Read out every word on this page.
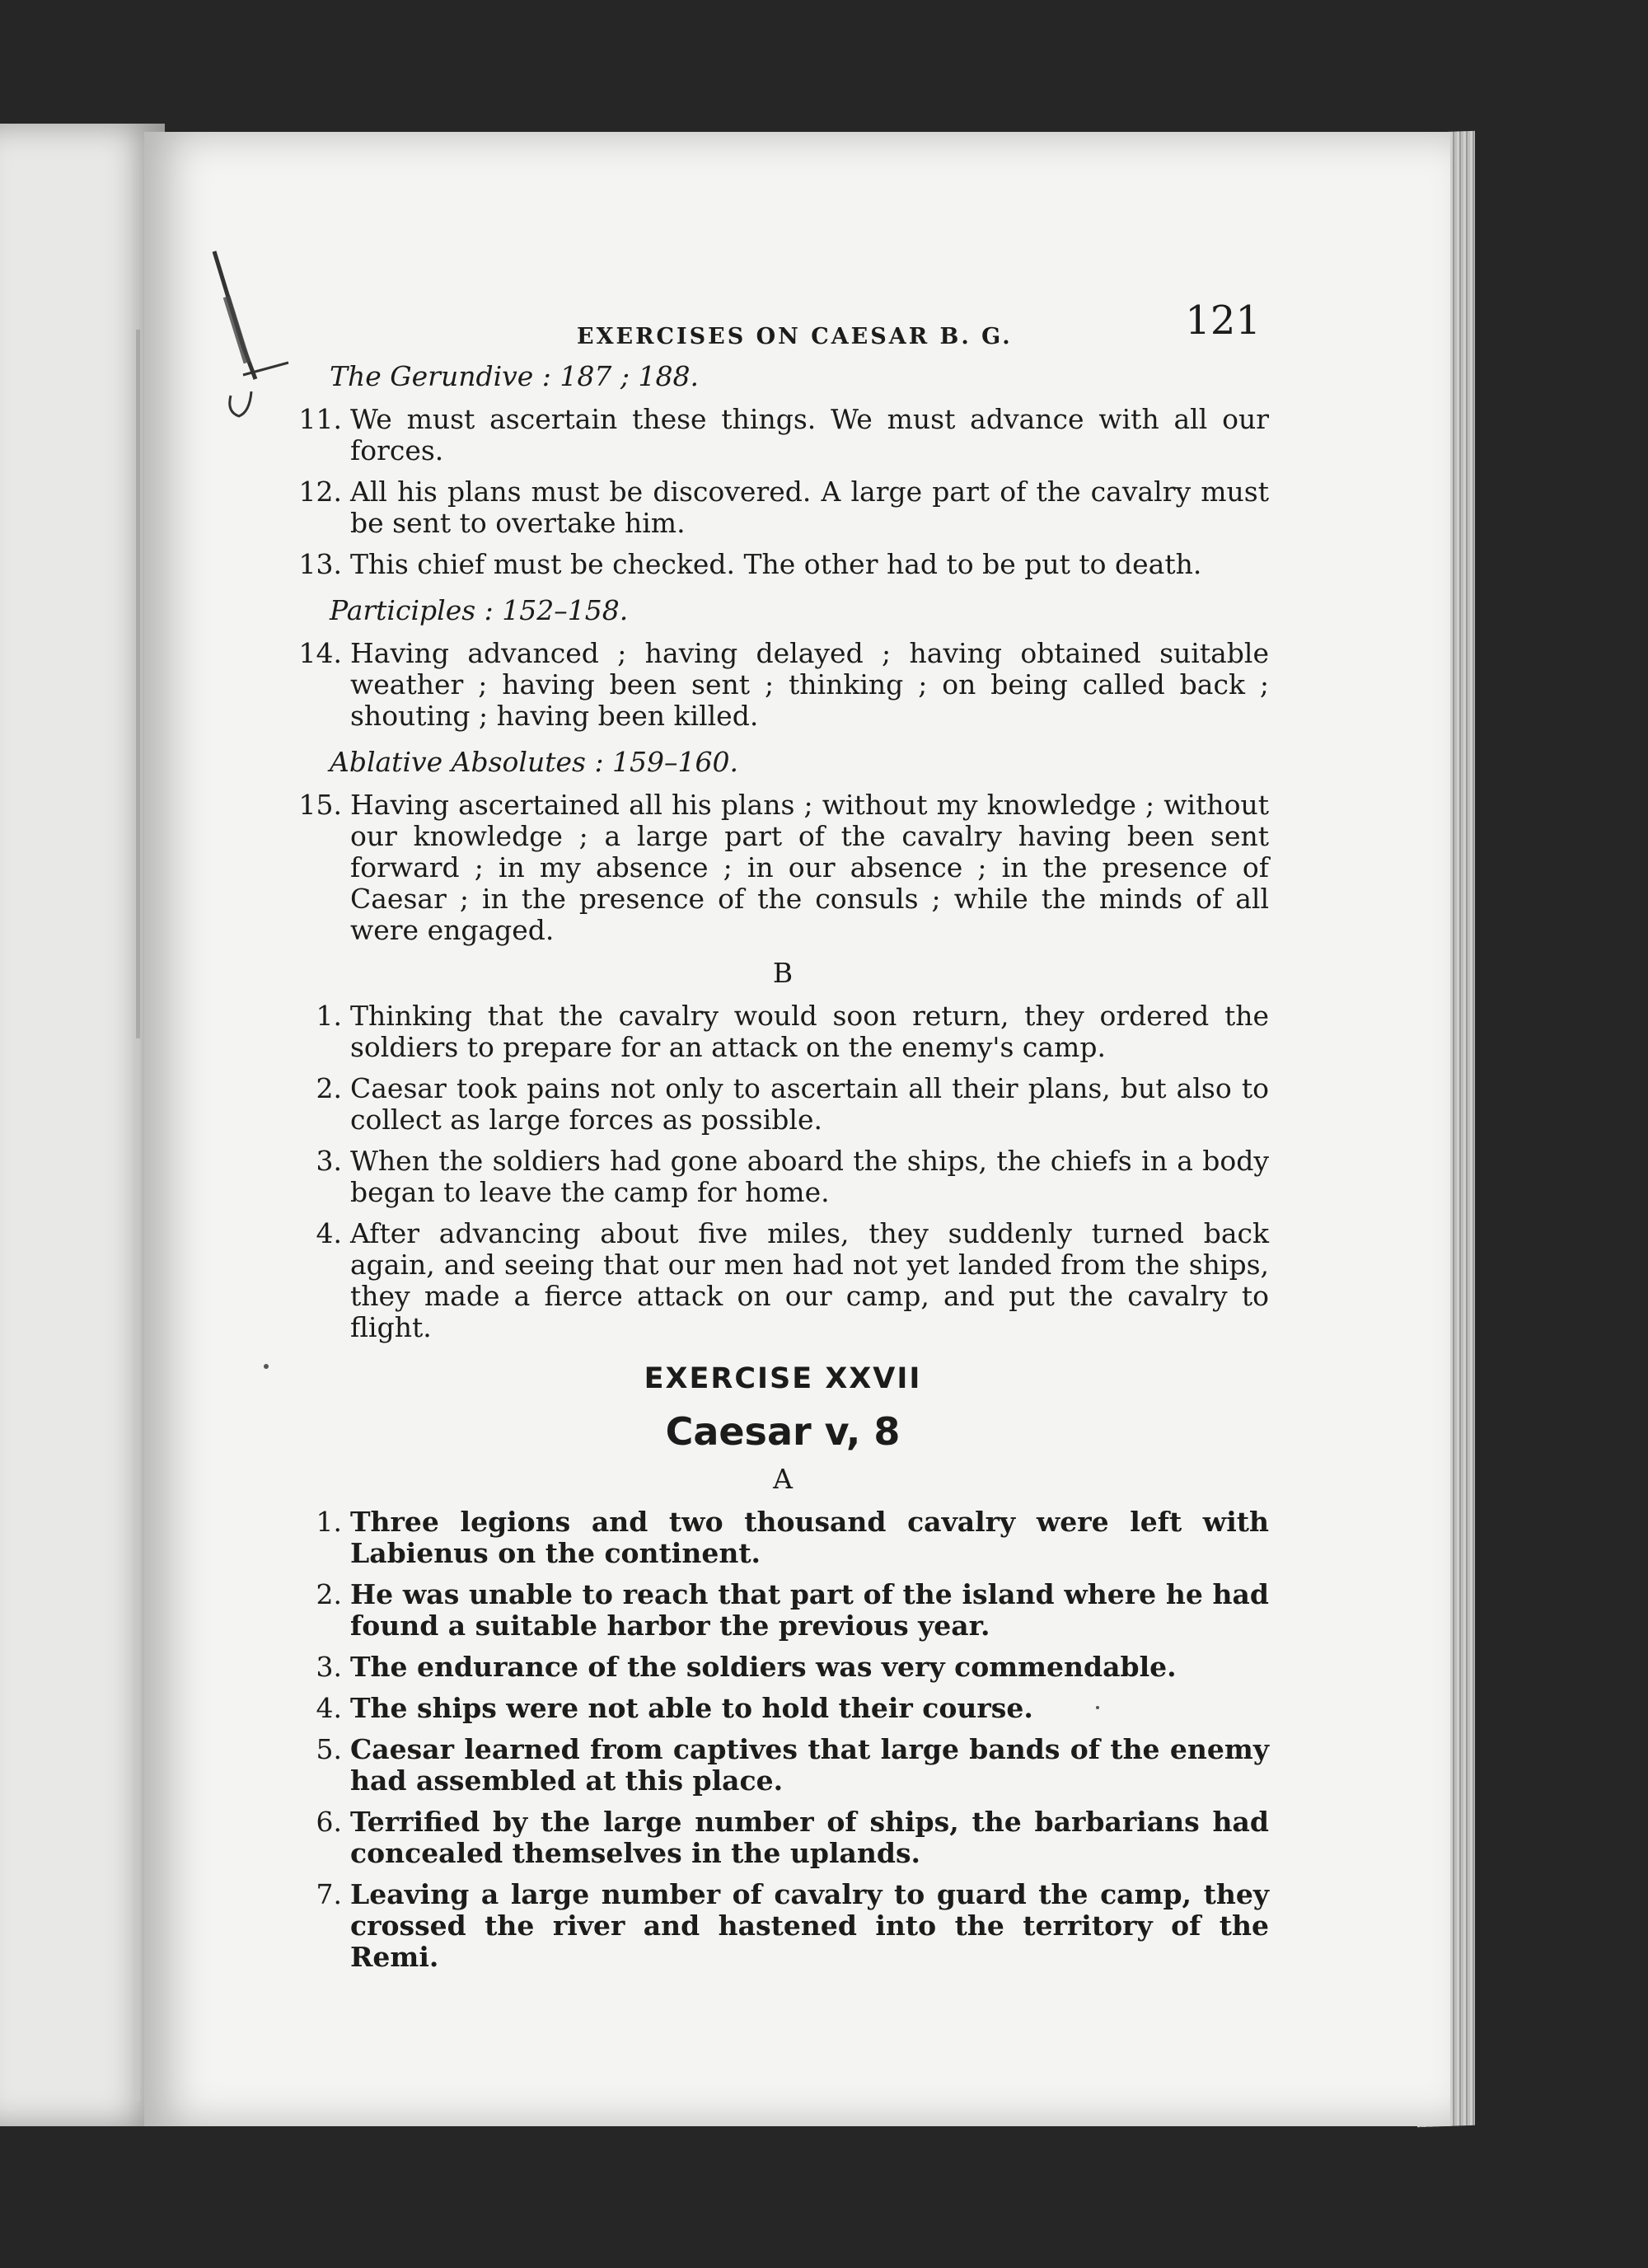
EXERCISES ON CAESAR B. G.	121
The Gerundive : 187 ; 188.
11. We must ascertain these things. We must advance with all our forces.
12. All his plans must be discovered. A large part of the cavalry must be sent to overtake him.
13. This chief must be checked. The other had to be put to death.
Participles : 152–158.
14. Having advanced ; having delayed ; having obtained suitable weather ; having been sent ; thinking ; on being called back ; shouting ; having been killed.
Ablative Absolutes : 159–160.
15. Having ascertained all his plans ; without my knowledge ; without our knowledge ; a large part of the cavalry having been sent forward ; in my absence ; in our absence ; in the presence of Caesar ; in the presence of the consuls ; while the minds of all were engaged.
B
1. Thinking that the cavalry would soon return, they ordered the soldiers to prepare for an attack on the enemy's camp.
2. Caesar took pains not only to ascertain all their plans, but also to collect as large forces as possible.
3. When the soldiers had gone aboard the ships, the chiefs in a body began to leave the camp for home.
4. After advancing about five miles, they suddenly turned back again, and seeing that our men had not yet landed from the ships, they made a fierce attack on our camp, and put the cavalry to flight.
EXERCISE XXVII
Caesar v, 8
A
1. Three legions and two thousand cavalry were left with Labienus on the continent.
2. He was unable to reach that part of the island where he had found a suitable harbor the previous year.
3. The endurance of the soldiers was very commendable.
4. The ships were not able to hold their course.
5. Caesar learned from captives that large bands of the enemy had assembled at this place.
6. Terrified by the large number of ships, the barbarians had concealed themselves in the uplands.
7. Leaving a large number of cavalry to guard the camp, they crossed the river and hastened into the territory of the Remi.
